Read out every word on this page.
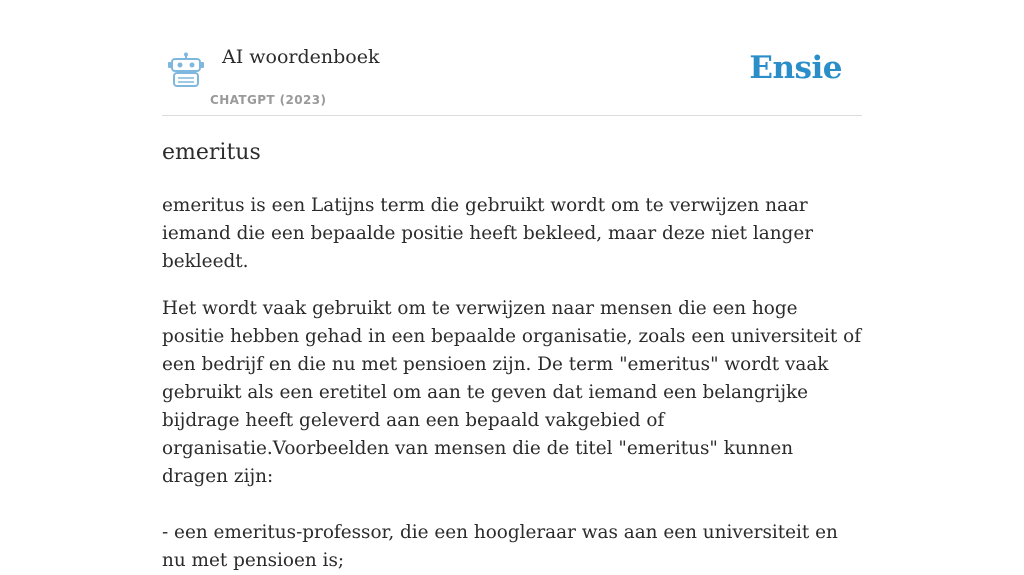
AI woordenboek
CHATGPT (2023)
Ensie
emeritus

emeritus is een Latijns term die gebruikt wordt om te verwijzen naar iemand die een bepaalde positie heeft bekleed, maar deze niet langer bekleedt.

Het wordt vaak gebruikt om te verwijzen naar mensen die een hoge positie hebben gehad in een bepaalde organisatie, zoals een universiteit of een bedrijf en die nu met pensioen zijn. De term "emeritus" wordt vaak gebruikt als een eretitel om aan te geven dat iemand een belangrijke bijdrage heeft geleverd aan een bepaald vakgebied of organisatie.Voorbeelden van mensen die de titel "emeritus" kunnen dragen zijn:

- een emeritus-professor, die een hoogleraar was aan een universiteit en nu met pensioen is;
